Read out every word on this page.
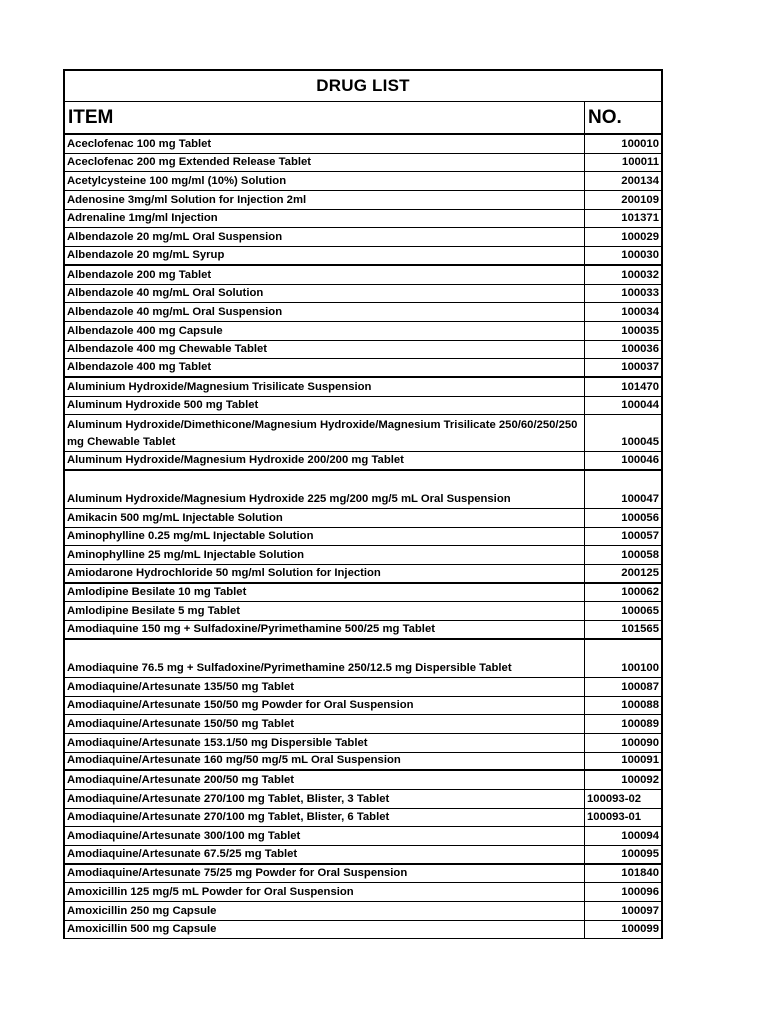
DRUG LIST
ITEM	NO.
Aceclofenac 100 mg Tablet	100010
Aceclofenac 200 mg Extended Release Tablet	100011
Acetylcysteine 100 mg/ml (10%) Solution	200134
Adenosine 3mg/ml Solution for Injection 2ml	200109
Adrenaline 1mg/ml Injection	101371
Albendazole 20 mg/mL Oral Suspension	100029
Albendazole 20 mg/mL Syrup	100030
Albendazole 200 mg Tablet	100032
Albendazole 40 mg/mL Oral Solution	100033
Albendazole 40 mg/mL Oral Suspension	100034
Albendazole 400 mg Capsule	100035
Albendazole 400 mg Chewable Tablet	100036
Albendazole 400 mg Tablet	100037
Aluminium Hydroxide/Magnesium Trisilicate Suspension	101470
Aluminum Hydroxide 500 mg Tablet	100044
Aluminum Hydroxide/Dimethicone/Magnesium Hydroxide/Magnesium Trisilicate 250/60/250/250 mg Chewable Tablet	100045
Aluminum Hydroxide/Magnesium Hydroxide 200/200 mg Tablet	100046
Aluminum Hydroxide/Magnesium Hydroxide 225 mg/200 mg/5 mL Oral Suspension	100047
Amikacin 500 mg/mL Injectable Solution	100056
Aminophylline 0.25 mg/mL Injectable Solution	100057
Aminophylline 25 mg/mL Injectable Solution	100058
Amiodarone Hydrochloride 50 mg/ml Solution for Injection	200125
Amlodipine Besilate 10 mg Tablet	100062
Amlodipine Besilate 5 mg Tablet	100065
Amodiaquine 150 mg + Sulfadoxine/Pyrimethamine 500/25 mg Tablet	101565
Amodiaquine 76.5 mg + Sulfadoxine/Pyrimethamine 250/12.5 mg Dispersible Tablet	100100
Amodiaquine/Artesunate 135/50 mg Tablet	100087
Amodiaquine/Artesunate 150/50 mg Powder for Oral Suspension	100088
Amodiaquine/Artesunate 150/50 mg Tablet	100089
Amodiaquine/Artesunate 153.1/50 mg Dispersible Tablet	100090
Amodiaquine/Artesunate 160 mg/50 mg/5 mL Oral Suspension	100091
Amodiaquine/Artesunate 200/50 mg Tablet	100092
Amodiaquine/Artesunate 270/100 mg Tablet, Blister, 3 Tablet	100093-02
Amodiaquine/Artesunate 270/100 mg Tablet, Blister, 6 Tablet	100093-01
Amodiaquine/Artesunate 300/100 mg Tablet	100094
Amodiaquine/Artesunate 67.5/25 mg Tablet	100095
Amodiaquine/Artesunate 75/25 mg Powder for Oral Suspension	101840
Amoxicillin 125 mg/5 mL Powder for Oral Suspension	100096
Amoxicillin 250 mg Capsule	100097
Amoxicillin 500 mg Capsule	100099
